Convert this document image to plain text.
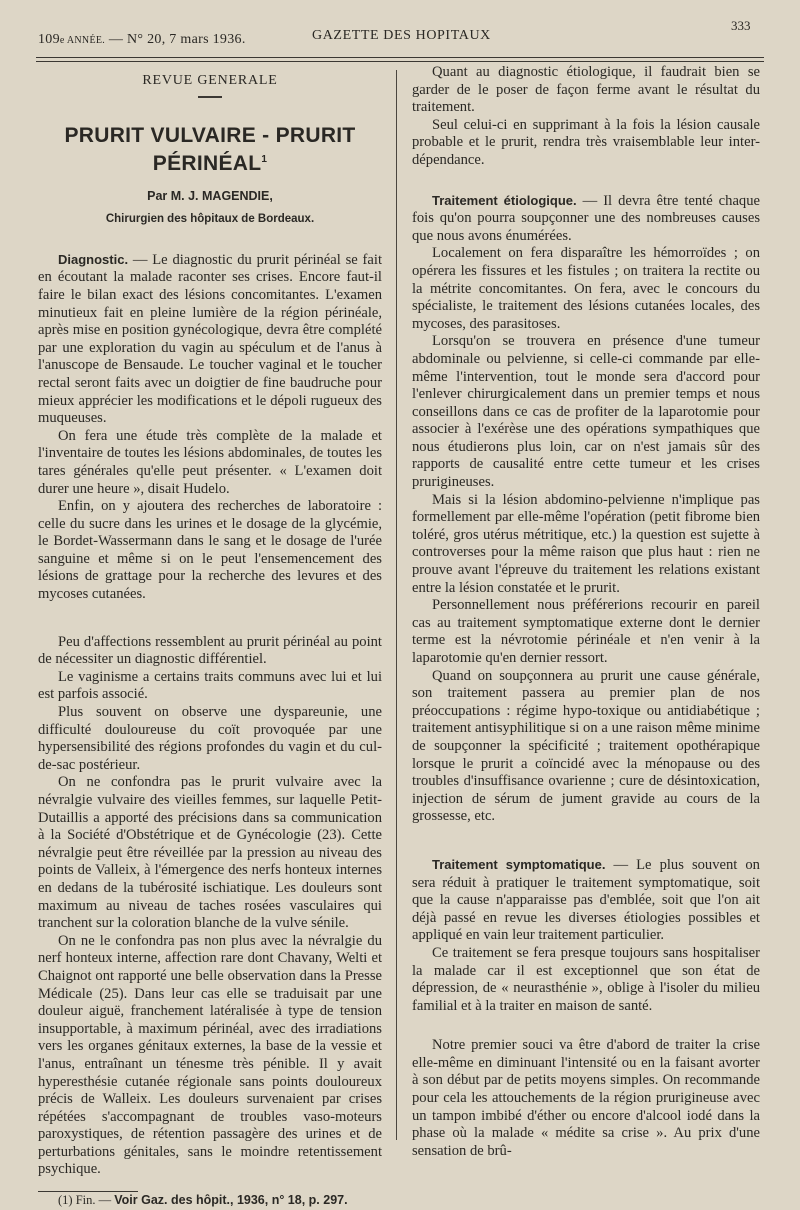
109e ANNÉE. — N° 20, 7 mars 1936.	GAZETTE DES HOPITAUX
333
REVUE GENERALE
PRURIT VULVAIRE - PRURIT PÉRINÉAL$^1$
Par M. J. MAGENDIE,
Chirurgien des hôpitaux de Bordeaux.

Diagnostic. — Le diagnostic du prurit périnéal se fait en écoutant la malade raconter ses crises. Encore faut-il faire le bilan exact des lésions concomitantes. L'examen minutieux fait en pleine lumière de la région périnéale, après mise en position gynécologique, devra être complété par une exploration du vagin au spéculum et de l'anus à l'anuscope de Bensaude. Le toucher vaginal et le toucher rectal seront faits avec un doigtier de fine baudruche pour mieux apprécier les modifications et le dépoli rugueux des muqueuses.

On fera une étude très complète de la malade et l'inventaire de toutes les lésions abdominales, de toutes les tares générales qu'elle peut présenter. « L'examen doit durer une heure », disait Hudelo.

Enfin, on y ajoutera des recherches de laboratoire : celle du sucre dans les urines et le dosage de la glycémie, le Bordet-Wassermann dans le sang et le dosage de l'urée sanguine et même si on le peut l'ensemencement des lésions de grattage pour la recherche des levures et des mycoses cutanées.

Peu d'affections ressemblent au prurit périnéal au point de nécessiter un diagnostic différentiel.

Le vaginisme a certains traits communs avec lui et lui est parfois associé.

Plus souvent on observe une dyspareunie, une difficulté douloureuse du coït provoquée par une hypersensibilité des régions profondes du vagin et du cul-de-sac postérieur.

On ne confondra pas le prurit vulvaire avec la névralgie vulvaire des vieilles femmes, sur laquelle Petit-Dutaillis a apporté des précisions dans sa communication à la Société d'Obstétrique et de Gynécologie (23). Cette névralgie peut être réveillée par la pression au niveau des points de Valleix, à l'émergence des nerfs honteux internes en dedans de la tubérosité ischiatique. Les douleurs sont maximum au niveau de taches rosées vasculaires qui tranchent sur la coloration blanche de la vulve sénile.

On ne le confondra pas non plus avec la névralgie du nerf honteux interne, affection rare dont Chavany, Welti et Chaignot ont rapporté une belle observation dans la Presse Médicale (25). Dans leur cas elle se traduisait par une douleur aiguë, franchement latéralisée à type de tension insupportable, à maximum périnéal, avec des irradiations vers les organes génitaux externes, la base de la vessie et l'anus, entraînant un ténesme très pénible. Il y avait hyperesthésie cutanée régionale sans points douloureux précis de Walleix. Les douleurs survenaient par crises répétées s'accompagnant de troubles vaso-moteurs paroxystiques, de rétention passagère des urines et de perturbations génitales, sans le moindre retentissement psychique.

(1) Fin. — Voir Gaz. des hôpit., 1936, n° 18, p. 297.

Quant au diagnostic étiologique, il faudrait bien se garder de le poser de façon ferme avant le résultat du traitement.

Seul celui-ci en supprimant à la fois la lésion causale probable et le prurit, rendra très vraisemblable leur inter-dépendance.

Traitement étiologique. — Il devra être tenté chaque fois qu'on pourra soupçonner une des nombreuses causes que nous avons énumérées.

Localement on fera disparaître les hémorroïdes ; on opérera les fissures et les fistules ; on traitera la rectite ou la métrite concomitantes. On fera, avec le concours du spécialiste, le traitement des lésions cutanées locales, des mycoses, des parasitoses.

Lorsqu'on se trouvera en présence d'une tumeur abdominale ou pelvienne, si celle-ci commande par elle-même l'intervention, tout le monde sera d'accord pour l'enlever chirurgicalement dans un premier temps et nous conseillons dans ce cas de profiter de la laparotomie pour associer à l'exérèse une des opérations sympathiques que nous étudierons plus loin, car on n'est jamais sûr des rapports de causalité entre cette tumeur et les crises prurigineuses.

Mais si la lésion abdomino-pelvienne n'implique pas formellement par elle-même l'opération (petit fibrome bien toléré, gros utérus métritique, etc.) la question est sujette à controverses pour la même raison que plus haut : rien ne prouve avant l'épreuve du traitement les relations existant entre la lésion constatée et le prurit.

Personnellement nous préférerions recourir en pareil cas au traitement symptomatique externe dont le dernier terme est la névrotomie périnéale et n'en venir à la laparotomie qu'en dernier ressort.

Quand on soupçonnera au prurit une cause générale, son traitement passera au premier plan de nos préoccupations : régime hypo-toxique ou antidiabétique ; traitement antisyphilitique si on a une raison même minime de soupçonner la spécificité ; traitement opothérapique lorsque le prurit a coïncidé avec la ménopause ou des troubles d'insuffisance ovarienne ; cure de désintoxication, injection de sérum de jument gravide au cours de la grossesse, etc.

Traitement symptomatique. — Le plus souvent on sera réduit à pratiquer le traitement symptomatique, soit que la cause n'apparaisse pas d'emblée, soit que l'on ait déjà passé en revue les diverses étiologies possibles et appliqué en vain leur traitement particulier.

Ce traitement se fera presque toujours sans hospitaliser la malade car il est exceptionnel que son état de dépression, de « neurasthénie », oblige à l'isoler du milieu familial et à la traiter en maison de santé.

Notre premier souci va être d'abord de traiter la crise elle-même en diminuant l'intensité ou en la faisant avorter à son début par de petits moyens simples. On recommande pour cela les attouchements de la région prurigineuse avec un tampon imbibé d'éther ou encore d'alcool iodé dans la phase où la malade « médite sa crise ». Au prix d'une sensation de brû-
